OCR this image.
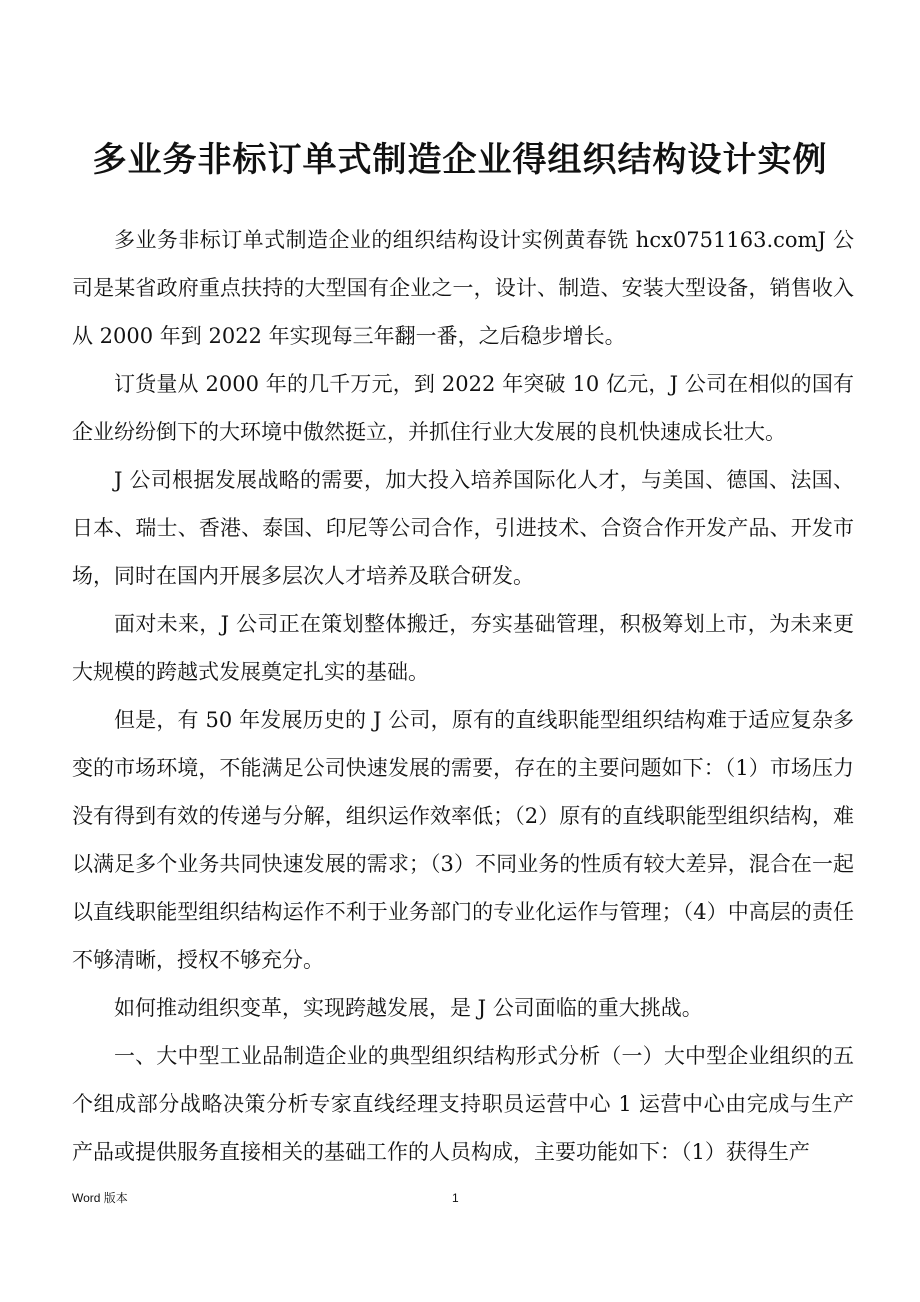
多业务非标订单式制造企业得组织结构设计实例

多业务非标订单式制造企业的组织结构设计实例黄春铣 hcx0751163.comJ 公司是某省政府重点扶持的大型国有企业之一，设计、制造、安装大型设备，销售收入从 2000 年到 2022 年实现每三年翻一番，之后稳步增长。

订货量从 2000 年的几千万元，到 2022 年突破 10 亿元，J 公司在相似的国有企业纷纷倒下的大环境中傲然挺立，并抓住行业大发展的良机快速成长壮大。

J 公司根据发展战略的需要，加大投入培养国际化人才，与美国、德国、法国、日本、瑞士、香港、泰国、印尼等公司合作，引进技术、合资合作开发产品、开发市场，同时在国内开展多层次人才培养及联合研发。

面对未来，J 公司正在策划整体搬迁，夯实基础管理，积极筹划上市，为未来更大规模的跨越式发展奠定扎实的基础。

但是，有 50 年发展历史的 J 公司，原有的直线职能型组织结构难于适应复杂多变的市场环境，不能满足公司快速发展的需要，存在的主要问题如下：（1）市场压力没有得到有效的传递与分解，组织运作效率低；（2）原有的直线职能型组织结构，难以满足多个业务共同快速发展的需求；（3）不同业务的性质有较大差异，混合在一起以直线职能型组织结构运作不利于业务部门的专业化运作与管理；（4）中高层的责任不够清晰，授权不够充分。

如何推动组织变革，实现跨越发展，是 J 公司面临的重大挑战。

一、大中型工业品制造企业的典型组织结构形式分析（一）大中型企业组织的五个组成部分战略决策分析专家直线经理支持职员运营中心 1 运营中心由完成与生产产品或提供服务直接相关的基础工作的人员构成，主要功能如下：（1）获得生产

Word 版本	1
